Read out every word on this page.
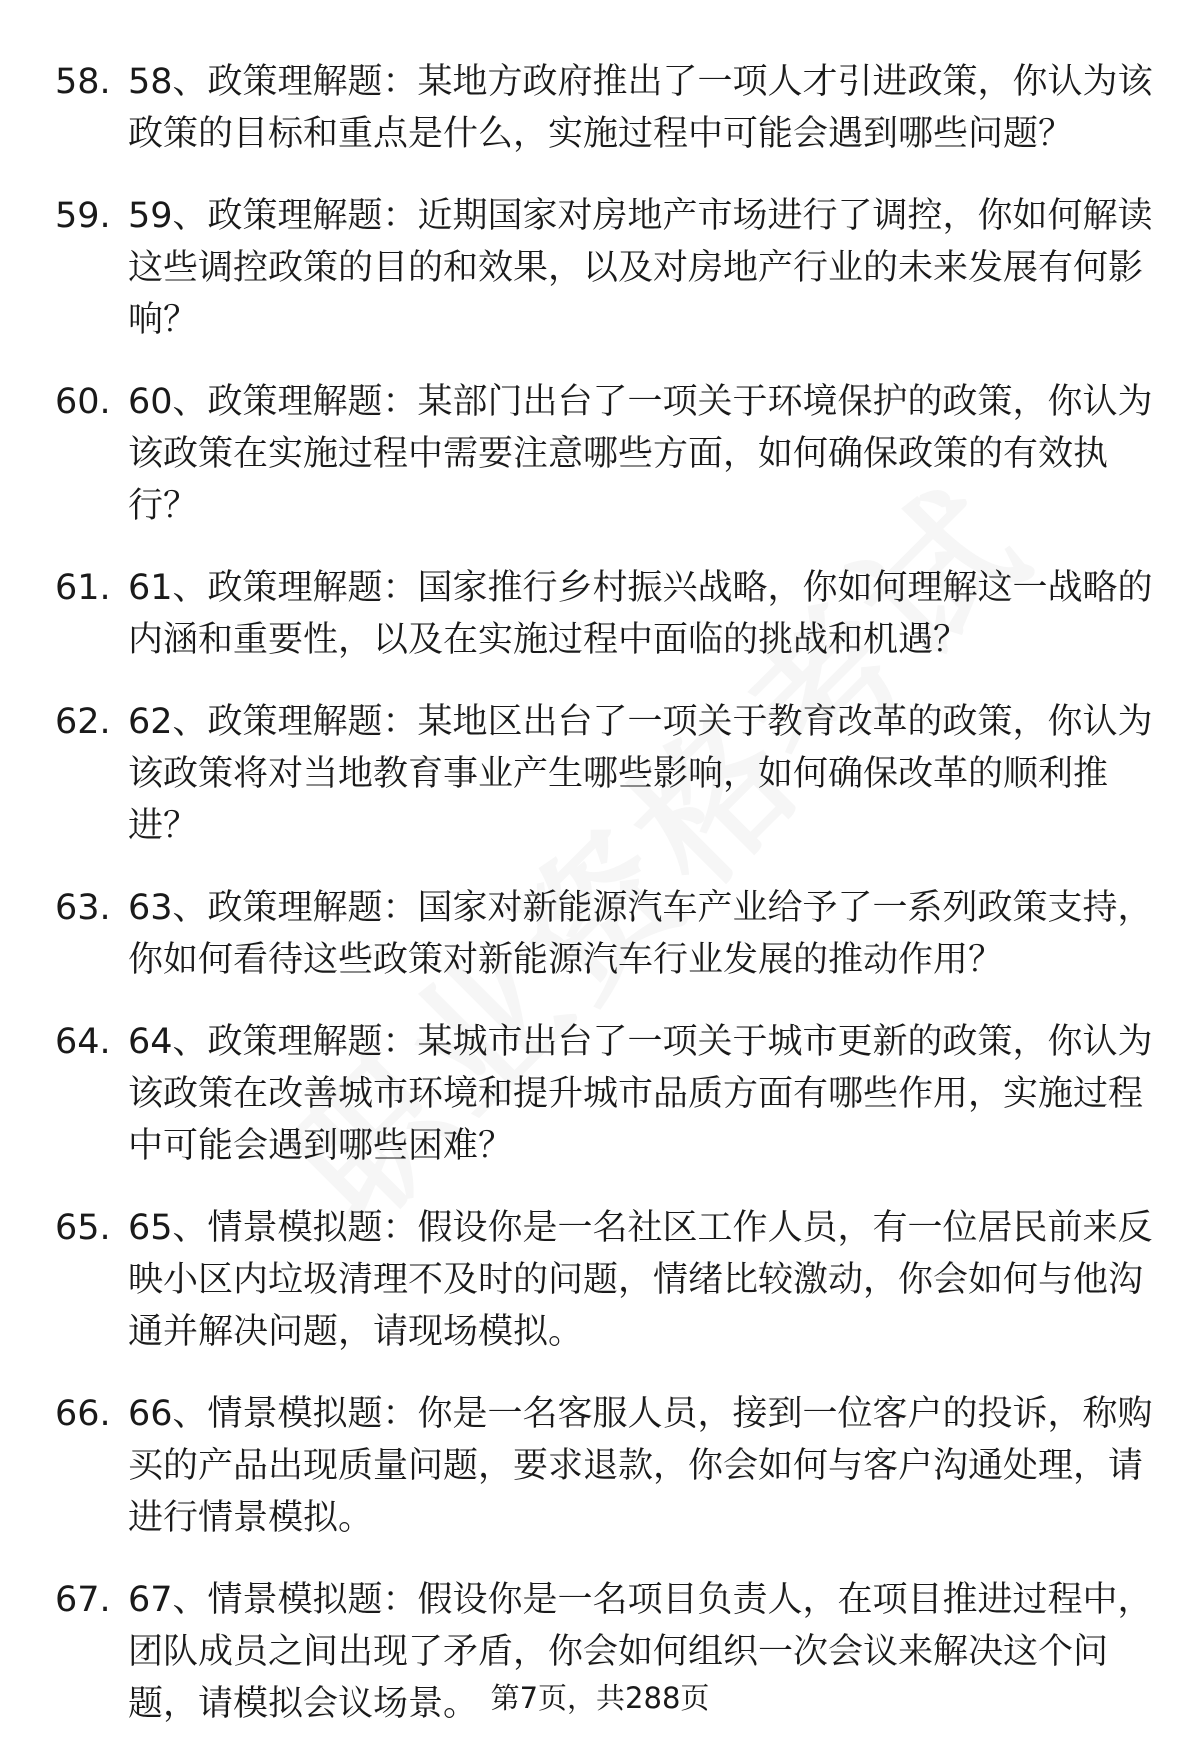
58. 58、政策理解题：某地方政府推出了一项人才引进政策，你认为该政策的目标和重点是什么，实施过程中可能会遇到哪些问题？
59. 59、政策理解题：近期国家对房地产市场进行了调控，你如何解读这些调控政策的目的和效果，以及对房地产行业的未来发展有何影响？
60. 60、政策理解题：某部门出台了一项关于环境保护的政策，你认为该政策在实施过程中需要注意哪些方面，如何确保政策的有效执行？
61. 61、政策理解题：国家推行乡村振兴战略，你如何理解这一战略的内涵和重要性，以及在实施过程中面临的挑战和机遇？
62. 62、政策理解题：某地区出台了一项关于教育改革的政策，你认为该政策将对当地教育事业产生哪些影响，如何确保改革的顺利推进？
63. 63、政策理解题：国家对新能源汽车产业给予了一系列政策支持，你如何看待这些政策对新能源汽车行业发展的推动作用？
64. 64、政策理解题：某城市出台了一项关于城市更新的政策，你认为该政策在改善城市环境和提升城市品质方面有哪些作用，实施过程中可能会遇到哪些困难？
65. 65、情景模拟题：假设你是一名社区工作人员，有一位居民前来反映小区内垃圾清理不及时的问题，情绪比较激动，你会如何与他沟通并解决问题，请现场模拟。
66. 66、情景模拟题：你是一名客服人员，接到一位客户的投诉，称购买的产品出现质量问题，要求退款，你会如何与客户沟通处理，请进行情景模拟。
67. 67、情景模拟题：假设你是一名项目负责人，在项目推进过程中，团队成员之间出现了矛盾，你会如何组织一次会议来解决这个问题，请模拟会议场景。 第7页，共288页
